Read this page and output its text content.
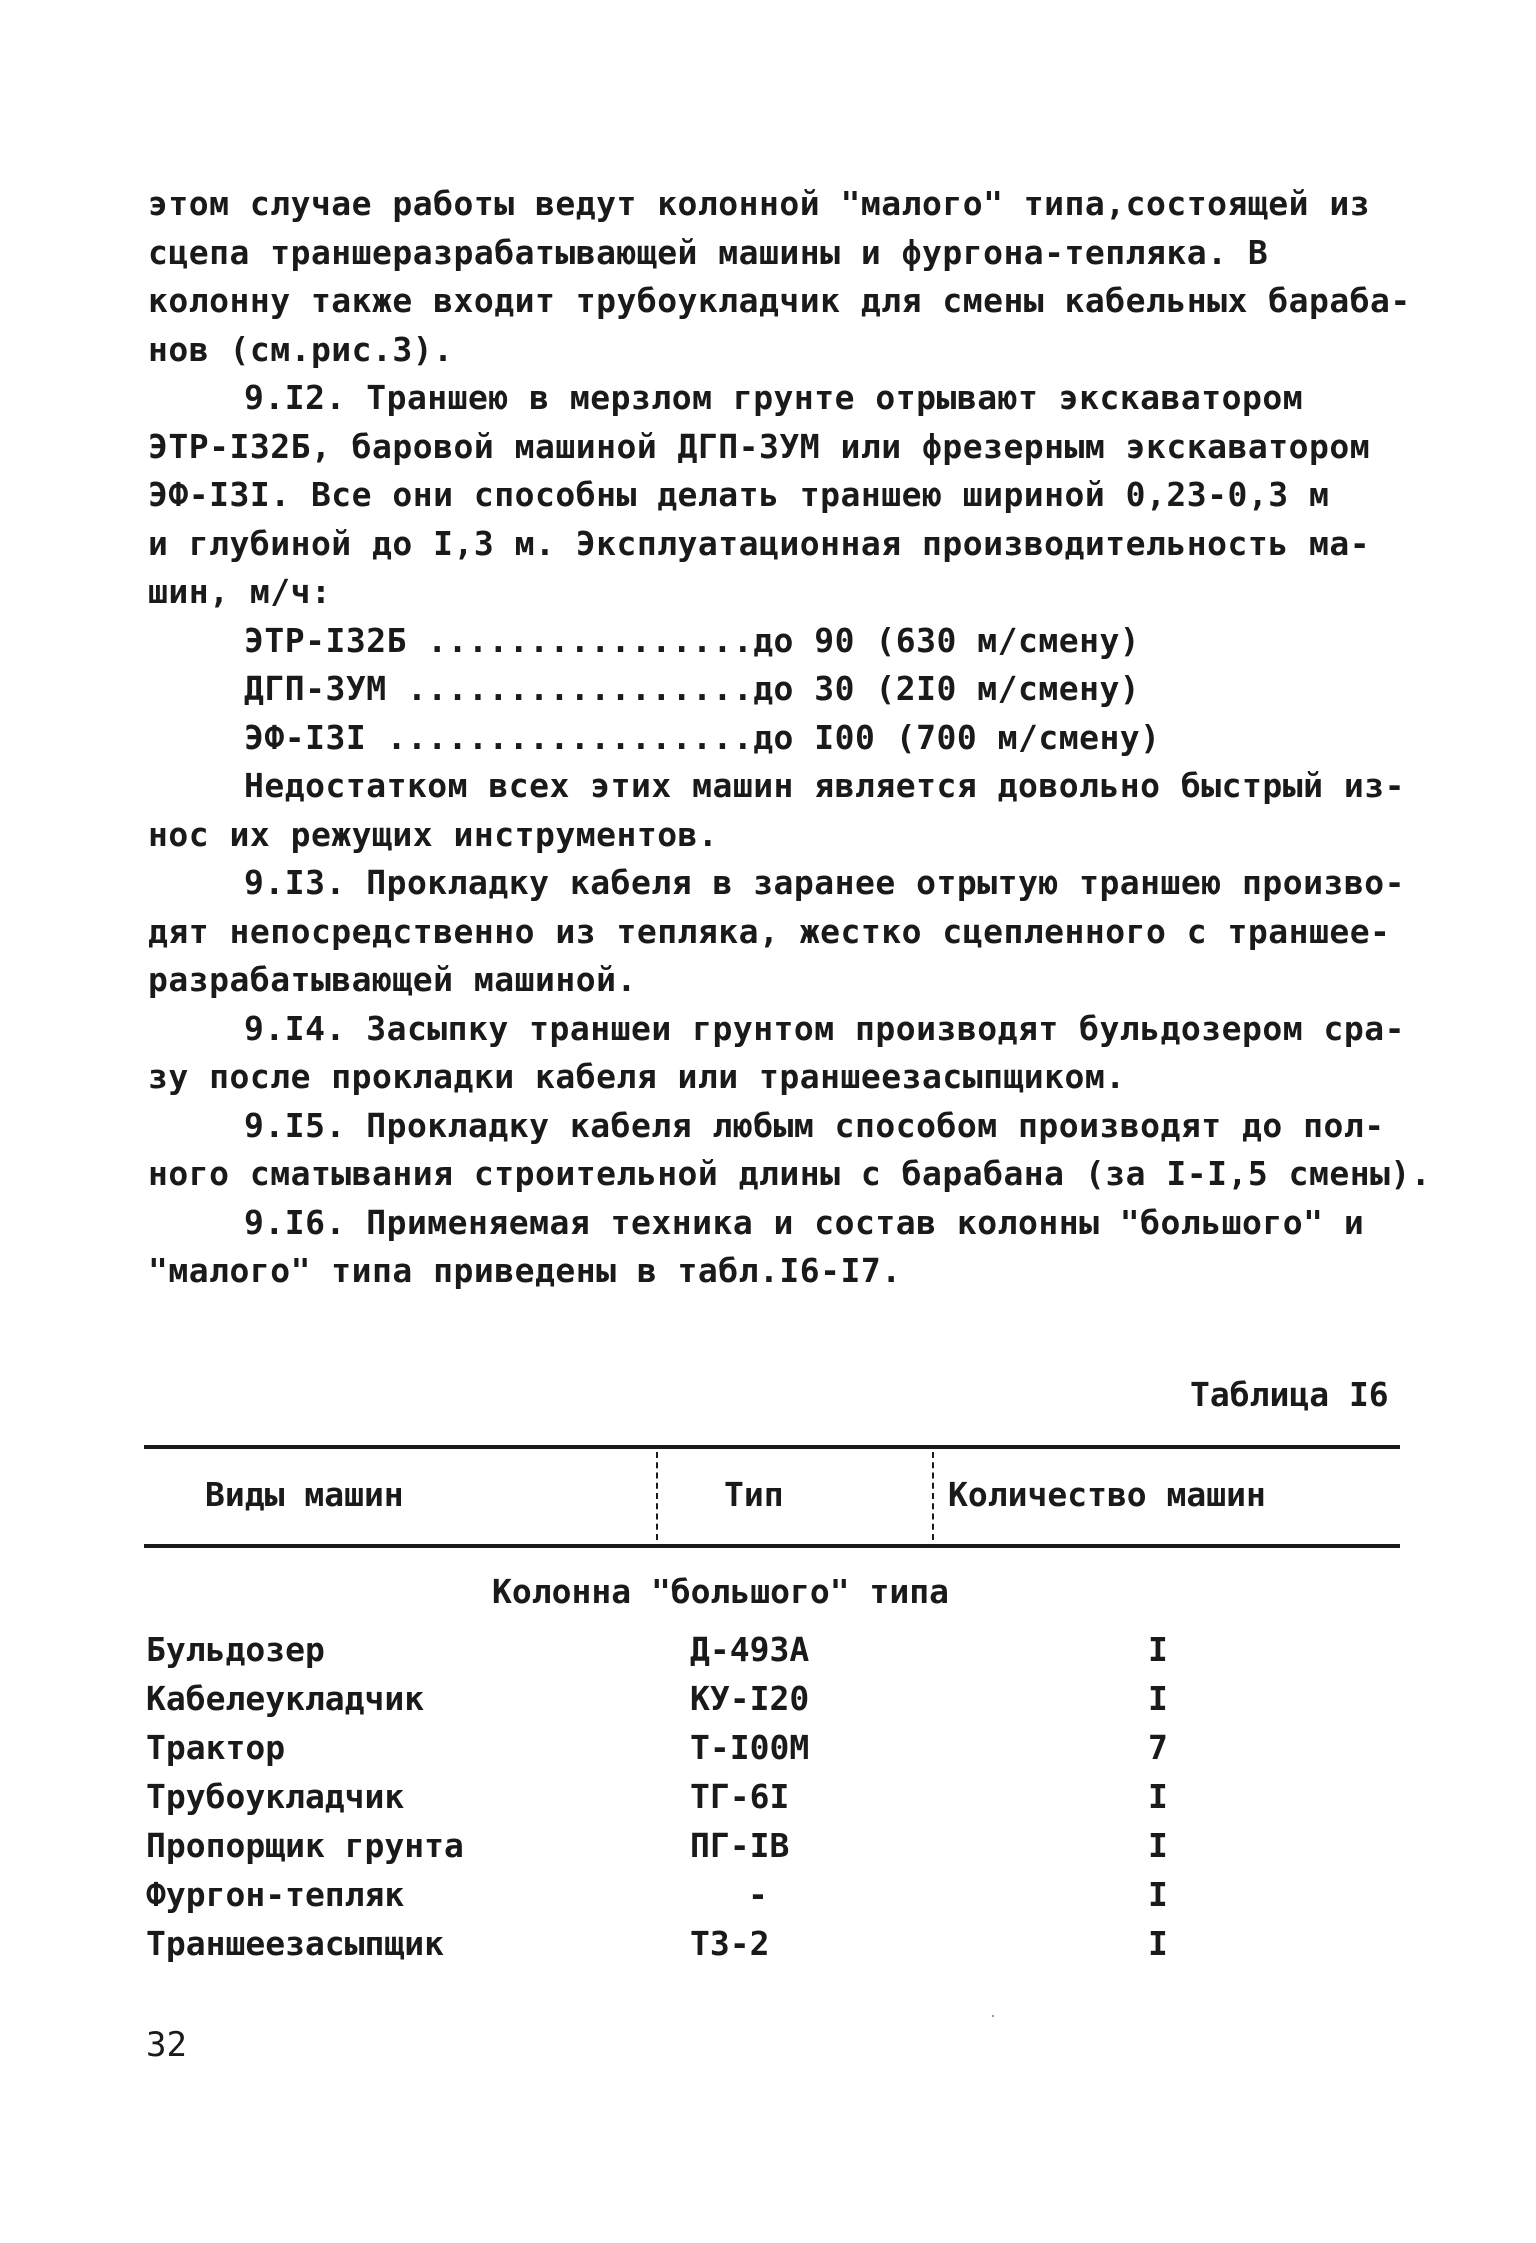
этом случае работы ведут колонной "малого" типа,состоящей из
сцепа траншеразрабатывающей машины и фургона-тепляка. В
колонну также входит трубоукладчик для смены кабельных бараба-
нов (см.рис.3).
9.I2. Траншею в мерзлом грунте отрывают экскаватором
ЭТР-I32Б, баровой машиной ДГП-ЗУМ или фрезерным экскаватором
ЭФ-I3I. Все они способны делать траншею шириной 0,23-0,3 м
и глубиной до I,3 м. Эксплуатационная производительность ма-
шин, м/ч:
ЭТР-I32Б ................до 90 (630 м/смену)
ДГП-ЗУМ .................до 30 (2I0 м/смену)
ЭФ-I3I ..................до I00 (700 м/смену)
Недостатком всех этих машин является довольно быстрый из-
нос их режущих инструментов.
9.I3. Прокладку кабеля в заранее отрытую траншею произво-
дят непосредственно из тепляка, жестко сцепленного с траншее-
разрабатывающей машиной.
9.I4. Засыпку траншеи грунтом производят бульдозером сра-
зу после прокладки кабеля или траншеезасыпщиком.
9.I5. Прокладку кабеля любым способом производят до пол-
ного сматывания строительной длины с барабана (за I-I,5 смены).
9.I6. Применяемая техника и состав колонны "большого" и
"малого" типа приведены в табл.I6-I7.
Таблица I6
Виды машин	Тип	Количество машин
Колонна "большого" типа
Бульдозер	Д-493А	I
Кабелеукладчик	КУ-I20	I
Трактор	Т-I00М	7
Трубоукладчик	ТГ-6I	I
Пропорщик грунта	ПГ-IВ	I
Фургон-тепляк	-	I
Траншеезасыпщик	ТЗ-2	I
32
